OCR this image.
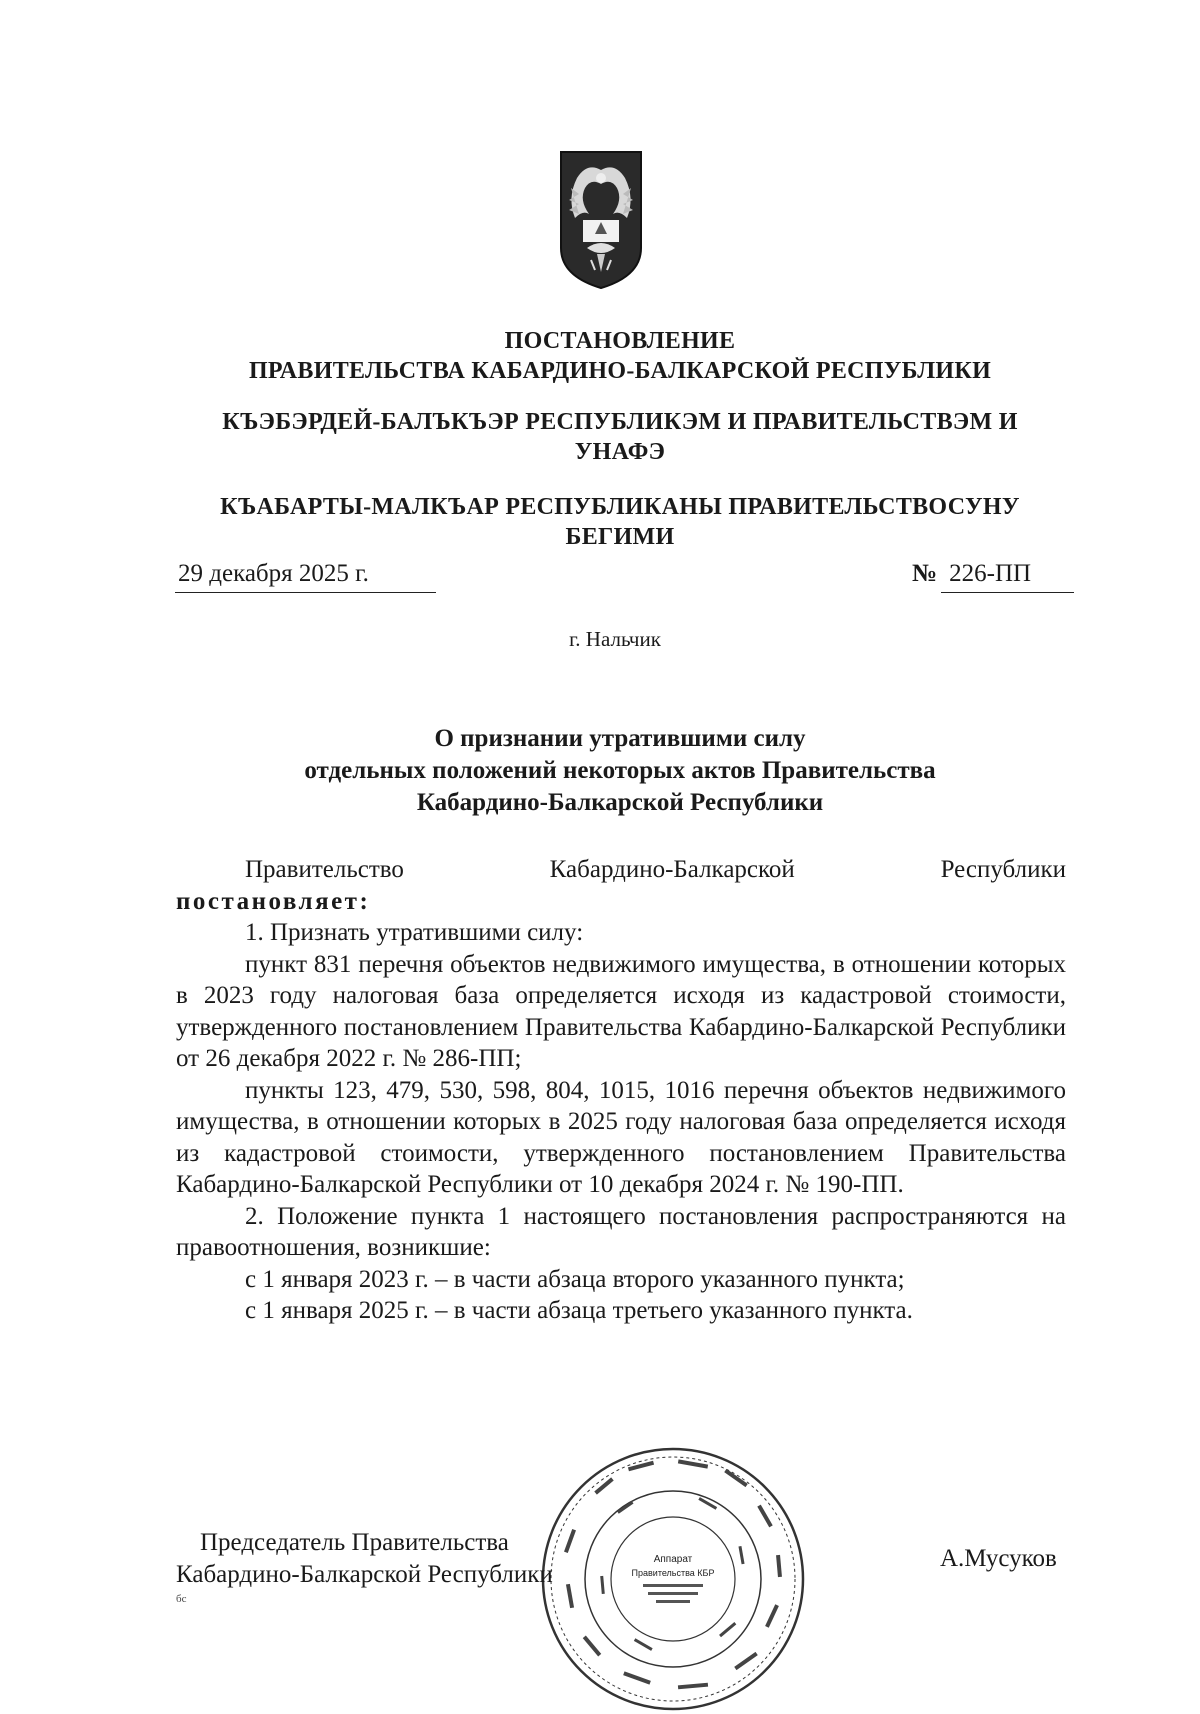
ПОСТАНОВЛЕНИЕ
ПРАВИТЕЛЬСТВА КАБАРДИНО-БАЛКАРСКОЙ РЕСПУБЛИКИ
КЪЭБЭРДЕЙ-БАЛЪКЪЭР РЕСПУБЛИКЭМ И ПРАВИТЕЛЬСТВЭМ И
УНАФЭ
КЪАБАРТЫ-МАЛКЪАР РЕСПУБЛИКАНЫ ПРАВИТЕЛЬСТВОСУНУ
БЕГИМИ
29 декабря 2025 г.	№ 226-ПП
г. Нальчик
О признании утратившими силу
отдельных положений некоторых актов Правительства
Кабардино-Балкарской Республики

Правительство Кабардино-Балкарской Республики

постановляет:

1. Признать утратившими силу:

пункт 831 перечня объектов недвижимого имущества, в отношении которых в 2023 году налоговая база определяется исходя из кадастровой стоимости, утвержденного постановлением Правительства Кабардино-Балкарской Республики от 26 декабря 2022 г. № 286-ПП;

пункты 123, 479, 530, 598, 804, 1015, 1016 перечня объектов недвижимого имущества, в отношении которых в 2025 году налоговая база определяется исходя из кадастровой стоимости, утвержденного постановлением Правительства Кабардино-Балкарской Республики от 10 декабря 2024 г. № 190-ПП.

2. Положение пункта 1 настоящего постановления распространяются на правоотношения, возникшие:

с 1 января 2023 г. – в части абзаца второго указанного пункта;

с 1 января 2025 г. – в части абзаца третьего указанного пункта.

Аппарат
Правительства КБР
Председатель Правительства
Кабардино-Балкарской Республики
А.Мусуков
бс
